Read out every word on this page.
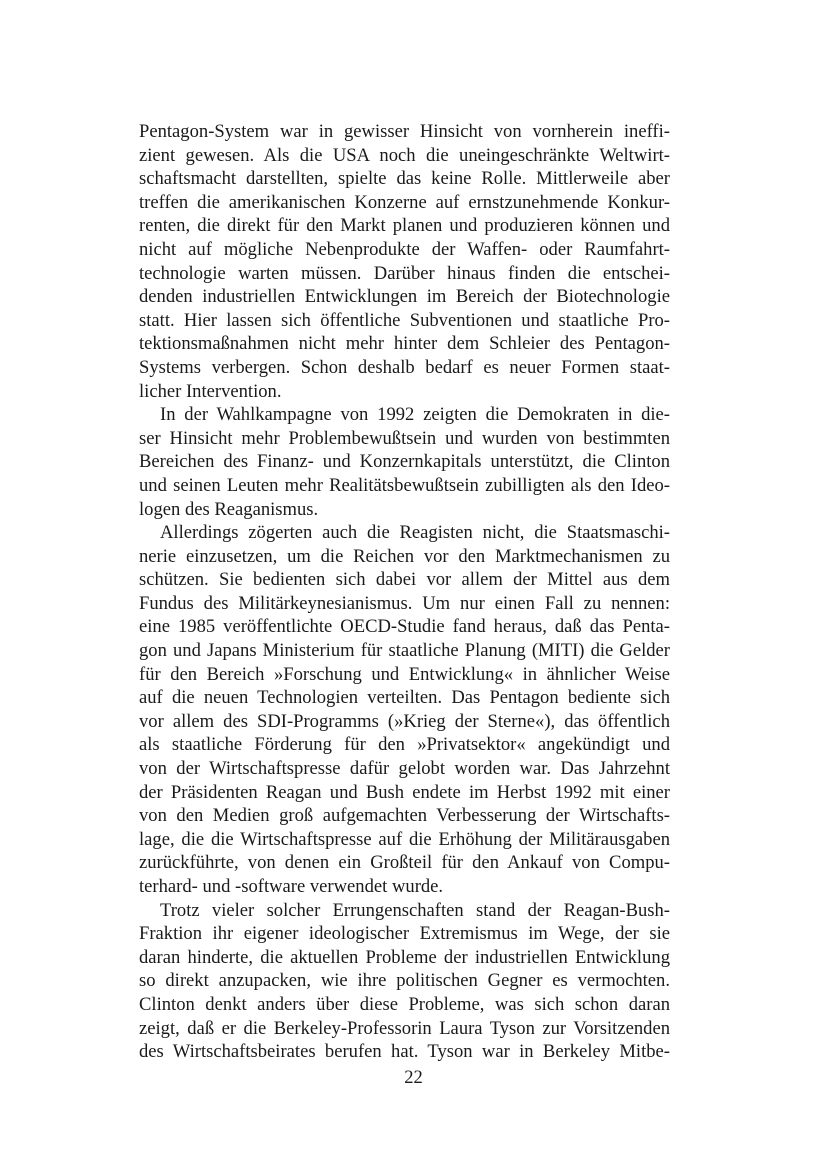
Pentagon-System war in gewisser Hinsicht von vornherein ineffi-
zient gewesen. Als die USA noch die uneingeschränkte Weltwirt-
schaftsmacht darstellten, spielte das keine Rolle. Mittlerweile aber
treffen die amerikanischen Konzerne auf ernstzunehmende Konkur-
renten, die direkt für den Markt planen und produzieren können und
nicht auf mögliche Nebenprodukte der Waffen- oder Raumfahrt-
technologie warten müssen. Darüber hinaus finden die entschei-
denden industriellen Entwicklungen im Bereich der Biotechnologie
statt. Hier lassen sich öffentliche Subventionen und staatliche Pro-
tektionsmaßnahmen nicht mehr hinter dem Schleier des Pentagon-
Systems verbergen. Schon deshalb bedarf es neuer Formen staat-
licher Intervention.
In der Wahlkampagne von 1992 zeigten die Demokraten in die-
ser Hinsicht mehr Problembewußtsein und wurden von bestimmten
Bereichen des Finanz- und Konzernkapitals unterstützt, die Clinton
und seinen Leuten mehr Realitätsbewußtsein zubilligten als den Ideo-
logen des Reaganismus.
Allerdings zögerten auch die Reagisten nicht, die Staatsmaschi-
nerie einzusetzen, um die Reichen vor den Marktmechanismen zu
schützen. Sie bedienten sich dabei vor allem der Mittel aus dem
Fundus des Militärkeynesianismus. Um nur einen Fall zu nennen:
eine 1985 veröffentlichte OECD-Studie fand heraus, daß das Penta-
gon und Japans Ministerium für staatliche Planung (MITI) die Gelder
für den Bereich »Forschung und Entwicklung« in ähnlicher Weise
auf die neuen Technologien verteilten. Das Pentagon bediente sich
vor allem des SDI-Programms (»Krieg der Sterne«), das öffentlich
als staatliche Förderung für den »Privatsektor« angekündigt und
von der Wirtschaftspresse dafür gelobt worden war. Das Jahrzehnt
der Präsidenten Reagan und Bush endete im Herbst 1992 mit einer
von den Medien groß aufgemachten Verbesserung der Wirtschafts-
lage, die die Wirtschaftspresse auf die Erhöhung der Militärausgaben
zurückführte, von denen ein Großteil für den Ankauf von Compu-
terhard- und -software verwendet wurde.
Trotz vieler solcher Errungenschaften stand der Reagan-Bush-
Fraktion ihr eigener ideologischer Extremismus im Wege, der sie
daran hinderte, die aktuellen Probleme der industriellen Entwicklung
so direkt anzupacken, wie ihre politischen Gegner es vermochten.
Clinton denkt anders über diese Probleme, was sich schon daran
zeigt, daß er die Berkeley-Professorin Laura Tyson zur Vorsitzenden
des Wirtschaftsbeirates berufen hat. Tyson war in Berkeley Mitbe-
22
